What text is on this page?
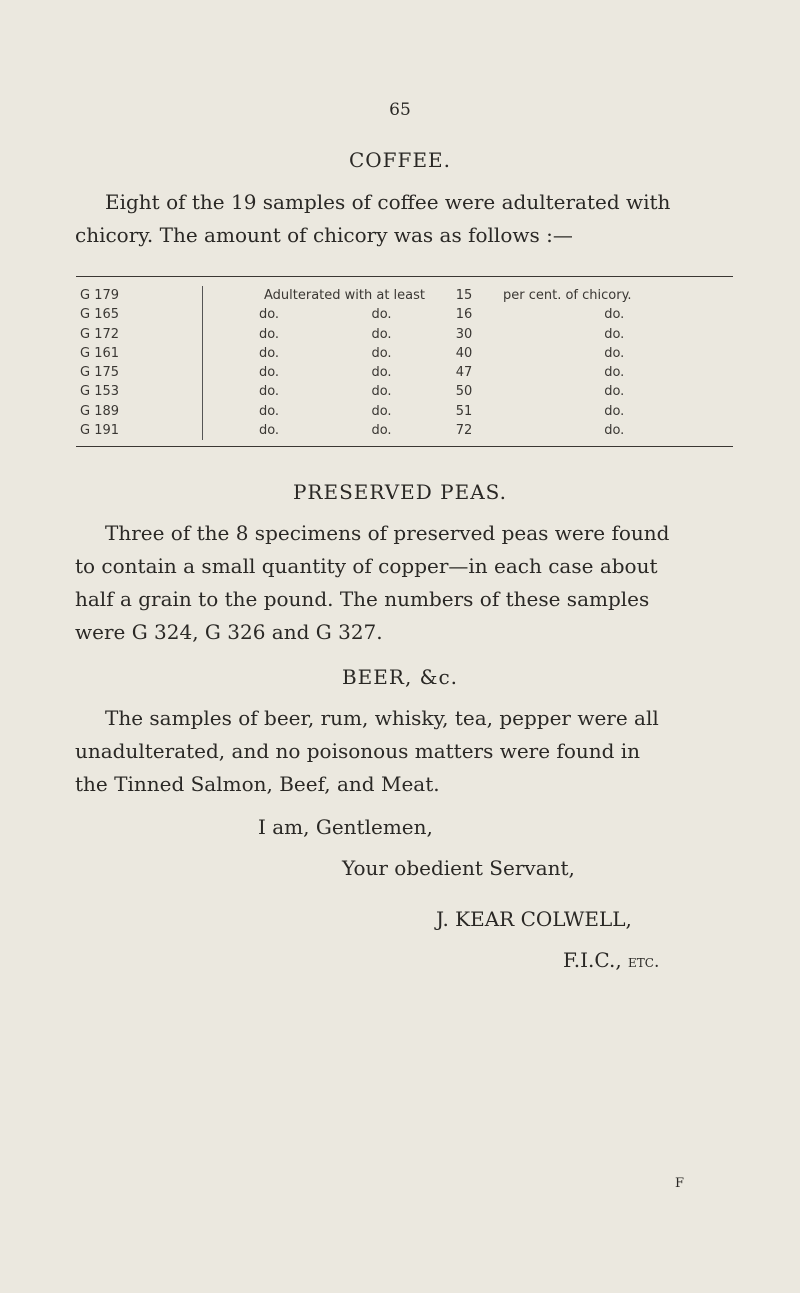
65
COFFEE.
Eight of the 19 samples of coffee were adulterated with
chicory. The amount of chicory was as follows :—
G 179		Adulterated with at least		15	per cent. of chicory.
G 165		do.	do.	16	do.
G 172		do.	do.	30	do.
G 161		do.	do.	40	do.
G 175		do.	do.	47	do.
G 153		do.	do.	50	do.
G 189		do.	do.	51	do.
G 191		do.	do.	72	do.
PRESERVED PEAS.
Three of the 8 specimens of preserved peas were found
to contain a small quantity of copper—in each case about
half a grain to the pound. The numbers of these samples
were G 324, G 326 and G 327.
BEER, &c.
The samples of beer, rum, whisky, tea, pepper were all
unadulterated, and no poisonous matters were found in
the Tinned Salmon, Beef, and Meat.
I am, Gentlemen,
Your obedient Servant,
J. KEAR COLWELL,
F.I.C., etc.
F
